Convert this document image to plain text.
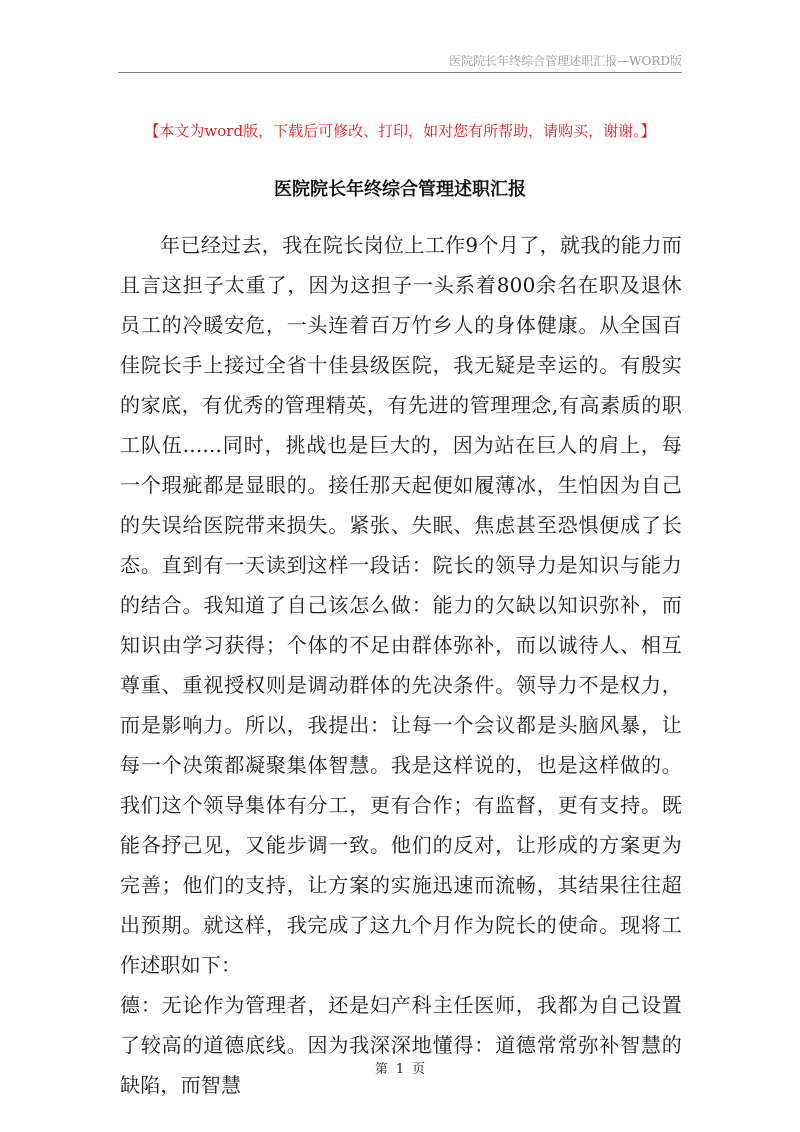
医院院长年终综合管理述职汇报—WORD版
【本文为word版，下载后可修改、打印，如对您有所帮助，请购买，谢谢。】
医院院长年终综合管理述职汇报

年已经过去，我在院长岗位上工作9个月了，就我的能力而且言这担子太重了，因为这担子一头系着800余名在职及退休员工的冷暖安危，一头连着百万竹乡人的身体健康。从全国百佳院长手上接过全省十佳县级医院，我无疑是幸运的。有殷实的家底，有优秀的管理精英，有先进的管理理念,有高素质的职工队伍......同时，挑战也是巨大的，因为站在巨人的肩上，每一个瑕疵都是显眼的。接任那天起便如履薄冰，生怕因为自己的失误给医院带来损失。紧张、失眠、焦虑甚至恐惧便成了长态。直到有一天读到这样一段话：院长的领导力是知识与能力的结合。我知道了自己该怎么做：能力的欠缺以知识弥补，而知识由学习获得；个体的不足由群体弥补，而以诚待人、相互尊重、重视授权则是调动群体的先决条件。领导力不是权力，而是影响力。所以，我提出：让每一个会议都是头脑风暴，让每一个决策都凝聚集体智慧。我是这样说的，也是这样做的。我们这个领导集体有分工，更有合作；有监督，更有支持。既能各抒己见，又能步调一致。他们的反对，让形成的方案更为完善；他们的支持，让方案的实施迅速而流畅，其结果往往超出预期。就这样，我完成了这九个月作为院长的使命。现将工作述职如下：

德：无论作为管理者，还是妇产科主任医师，我都为自己设置了较高的道德底线。因为我深深地懂得：道德常常弥补智慧的缺陷，而智慧

第 1 页
